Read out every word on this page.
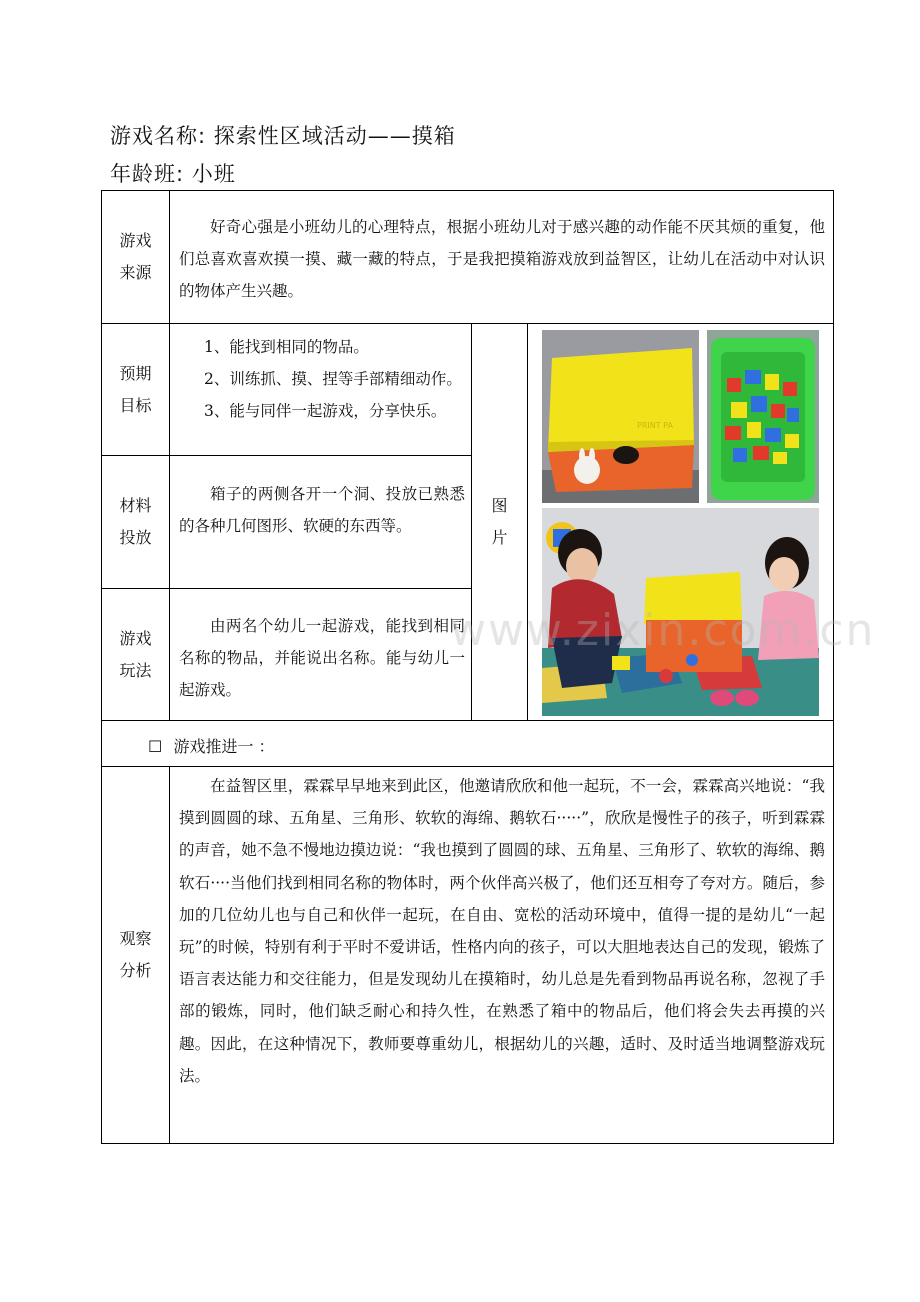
游戏名称: 探索性区域活动——摸箱
年龄班: 小班
游戏来源

好奇心强是小班幼儿的心理特点，根据小班幼儿对于感兴趣的动作能不厌其烦的重复，他们总喜欢喜欢摸一摸、藏一藏的特点，于是我把摸箱游戏放到益智区，让幼儿在活动中对认识的物体产生兴趣。

预期目标
1、能找到相同的物品。
2、训练抓、摸、捏等手部精细动作。
3、能与同伴一起游戏，分享快乐。
材料投放

箱子的两侧各开一个洞、投放已熟悉的各种几何图形、软硬的东西等。

游戏玩法

由两名个幼儿一起游戏，能找到相同名称的物品，并能说出名称。能与幼儿一起游戏。

图片
PRINT PA
☐ 游戏推进一 ：
观察分析

在益智区里，霖霖早早地来到此区，他邀请欣欣和他一起玩，不一会，霖霖高兴地说：“我摸到圆圆的球、五角星、三角形、软软的海绵、鹅软石·····”，欣欣是慢性子的孩子，听到霖霖的声音，她不急不慢地边摸边说：“我也摸到了圆圆的球、五角星、三角形了、软软的海绵、鹅软石····当他们找到相同名称的物体时，两个伙伴高兴极了，他们还互相夸了夸对方。随后，参加的几位幼儿也与自己和伙伴一起玩，在自由、宽松的活动环境中，值得一提的是幼儿“一起玩”的时候，特别有利于平时不爱讲话，性格内向的孩子，可以大胆地表达自己的发现，锻炼了语言表达能力和交往能力，但是发现幼儿在摸箱时，幼儿总是先看到物品再说名称，忽视了手部的锻炼，同时，他们缺乏耐心和持久性，在熟悉了箱中的物品后，他们将会失去再摸的兴趣。因此，在这种情况下，教师要尊重幼儿，根据幼儿的兴趣，适时、及时适当地调整游戏玩法。

www.zixin.com.cn
